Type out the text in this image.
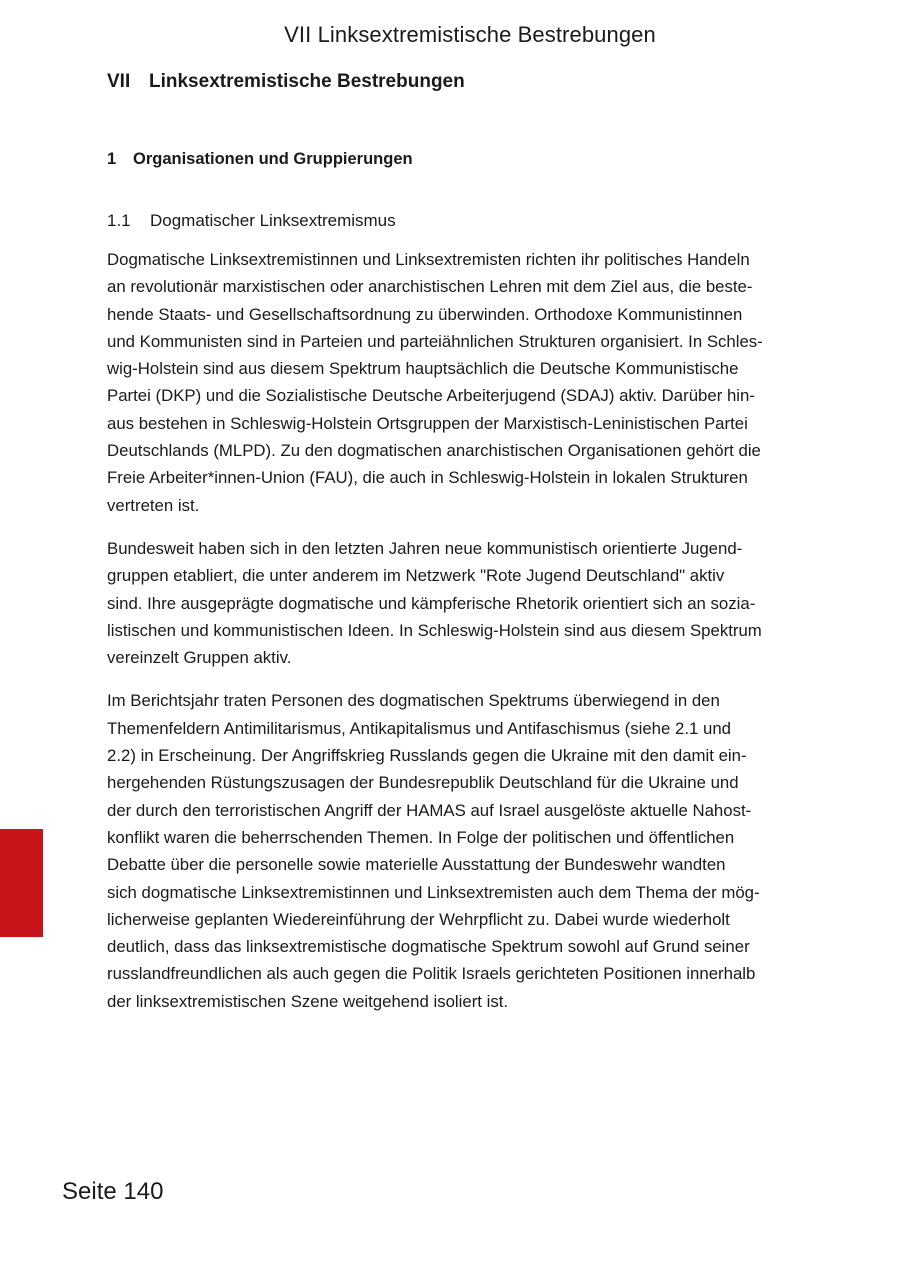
VII Linksextremistische Bestrebungen
VII Linksextremistische Bestrebungen
1 Organisationen und Gruppierungen
1.1 Dogmatischer Linksextremismus

Dogmatische Linksextremistinnen und Linksextremisten richten ihr politisches Handeln
an revolutionär marxistischen oder anarchistischen Lehren mit dem Ziel aus, die beste-
hende Staats- und Gesellschaftsordnung zu überwinden. Orthodoxe Kommunistinnen
und Kommunisten sind in Parteien und parteiähnlichen Strukturen organisiert. In Schles-
wig-Holstein sind aus diesem Spektrum hauptsächlich die Deutsche Kommunistische
Partei (DKP) und die Sozialistische Deutsche Arbeiterjugend (SDAJ) aktiv. Darüber hin-
aus bestehen in Schleswig-Holstein Ortsgruppen der Marxistisch-Leninistischen Partei
Deutschlands (MLPD). Zu den dogmatischen anarchistischen Organisationen gehört die
Freie Arbeiter*innen-Union (FAU), die auch in Schleswig-Holstein in lokalen Strukturen
vertreten ist.

Bundesweit haben sich in den letzten Jahren neue kommunistisch orientierte Jugend-
gruppen etabliert, die unter anderem im Netzwerk "Rote Jugend Deutschland" aktiv
sind. Ihre ausgeprägte dogmatische und kämpferische Rhetorik orientiert sich an sozia-
listischen und kommunistischen Ideen. In Schleswig-Holstein sind aus diesem Spektrum
vereinzelt Gruppen aktiv.

Im Berichtsjahr traten Personen des dogmatischen Spektrums überwiegend in den
Themenfeldern Antimilitarismus, Antikapitalismus und Antifaschismus (siehe 2.1 und
2.2) in Erscheinung. Der Angriffskrieg Russlands gegen die Ukraine mit den damit ein-
hergehenden Rüstungszusagen der Bundesrepublik Deutschland für die Ukraine und
der durch den terroristischen Angriff der HAMAS auf Israel ausgelöste aktuelle Nahost-
konflikt waren die beherrschenden Themen. In Folge der politischen und öffentlichen
Debatte über die personelle sowie materielle Ausstattung der Bundeswehr wandten
sich dogmatische Linksextremistinnen und Linksextremisten auch dem Thema der mög-
licherweise geplanten Wiedereinführung der Wehrpflicht zu. Dabei wurde wiederholt
deutlich, dass das linksextremistische dogmatische Spektrum sowohl auf Grund seiner
russlandfreundlichen als auch gegen die Politik Israels gerichteten Positionen innerhalb
der linksextremistischen Szene weitgehend isoliert ist.

Seite 140
